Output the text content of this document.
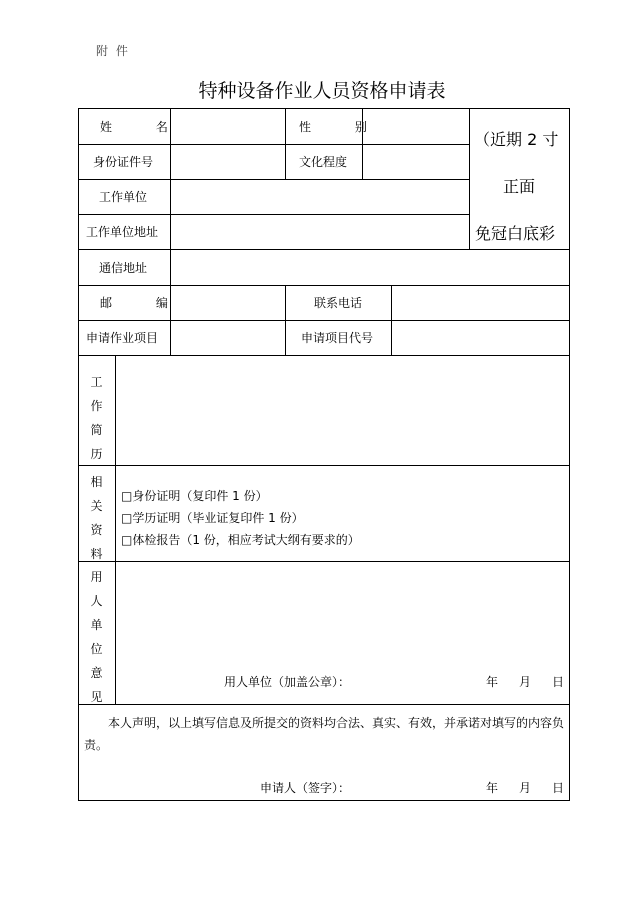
附 件
特种设备作业人员资格申请表
姓 名	性 别
身份证件号	文化程度
工作单位
工作单位地址
（近期 2 寸
正面
免冠白底彩
通信地址
邮 编	联系电话
申请作业项目	申请项目代号
工
作
简
历
相
关
资
料
□身份证明（复印件 1 份）
□学历证明（毕业证复印件 1 份）
□体检报告（1 份，相应考试大纲有要求的）
用
人
单
位
意
见
用人单位（加盖公章）：	年 月 日
本人声明，以上填写信息及所提交的资料均合法、真实、有效，并承诺对填写的内容负责。
申请人（签字）：	年 月 日
